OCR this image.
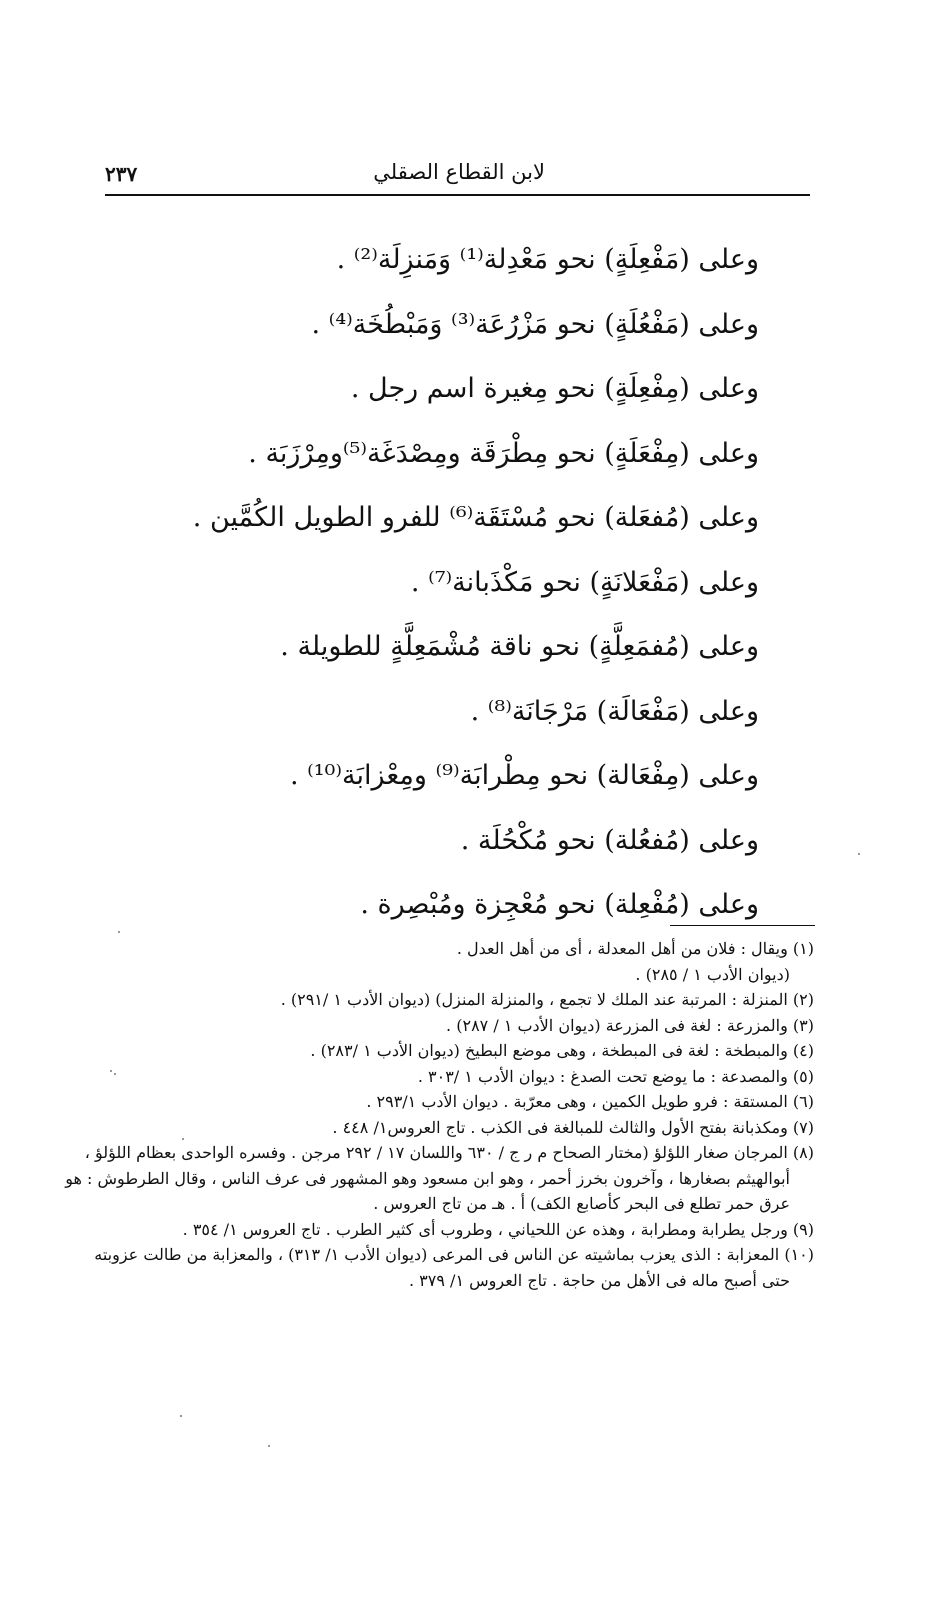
لابن القطاع الصقلي
٢٣٧
وعلى (مَفْعِلَةٍ) نحو مَعْدِلة⁽¹⁾ وَمَنزِلَة⁽²⁾ .
وعلى (مَفْعُلَةٍ) نحو مَزْرُعَة⁽³⁾ وَمَبْطُخَة⁽⁴⁾ .
وعلى (مِفْعِلَةٍ) نحو مِغيرة اسم رجل .
وعلى (مِفْعَلَةٍ) نحو مِطْرَقَة ومِصْدَغَة⁽⁵⁾ومِرْزَبَة .
وعلى (مُفعَلة) نحو مُسْتَقَة⁽⁶⁾ للفرو الطويل الكُمَّين .
وعلى (مَفْعَلانَةٍ) نحو مَكْذَبانة⁽⁷⁾ .
وعلى (مُفمَعِلَّةٍ) نحو ناقة مُشْمَعِلَّةٍ للطويلة .
وعلى (مَفْعَالَة) مَرْجَانَة⁽⁸⁾ .
وعلى (مِفْعَالة) نحو مِطْرابَة⁽⁹⁾ ومِعْزابَة⁽¹⁰⁾ .
وعلى (مُفعُلة) نحو مُكْحُلَة .
وعلى (مُفْعِلة) نحو مُعْجِزة ومُبْصِرة .
(١) ويقال : فلان من أهل المعدلة ، أى من أهل العدل .
(ديوان الأدب ١ / ٢٨٥) .
(٢) المنزلة : المرتبة عند الملك لا تجمع ، والمنزلة المنزل) (ديوان الأدب ١ /٢٩١) .
(٣) والمزرعة : لغة فى المزرعة (ديوان الأدب ١ / ٢٨٧) .
(٤) والمبطخة : لغة فى المبطخة ، وهى موضع البطيخ (ديوان الأدب ١ /٢٨٣) .
(٥) والمصدعة : ما يوضع تحت الصدغ : ديوان الأدب ١ /٣٠٣ .
(٦) المستقة : فرو طويل الكمين ، وهى معرّبة . ديوان الأدب ٢٩٣/١ .
(٧) ومكذبانة بفتح الأول والثالث للمبالغة فى الكذب . تاج العروس١/ ٤٤٨ .
(٨) المرجان صغار اللؤلؤ (مختار الصحاح م ر ج / ٦٣٠ واللسان ١٧ / ٢٩٢ مرجن . وفسره الواحدى بعظام اللؤلؤ ،
أبوالهيثم بصغارها ، وآخرون بخرز أحمر ، وهو ابن مسعود وهو المشهور فى عرف الناس ، وقال الطرطوش : هو
عرق حمر تطلع فى البحر كأصابع الكف) أ . هـ من تاج العروس .
(٩) ورجل يطرابة ومطرابة ، وهذه عن اللحياني ، وطروب أى كثير الطرب . تاج العروس ١/ ٣٥٤ .
(١٠) المعزابة : الذى يعزب بماشيته عن الناس فى المرعى (ديوان الأدب ١/ ٣١٣) ، والمعزابة من طالت عزوبته
حتى أصبح ماله فى الأهل من حاجة . تاج العروس ١/ ٣٧٩ .
